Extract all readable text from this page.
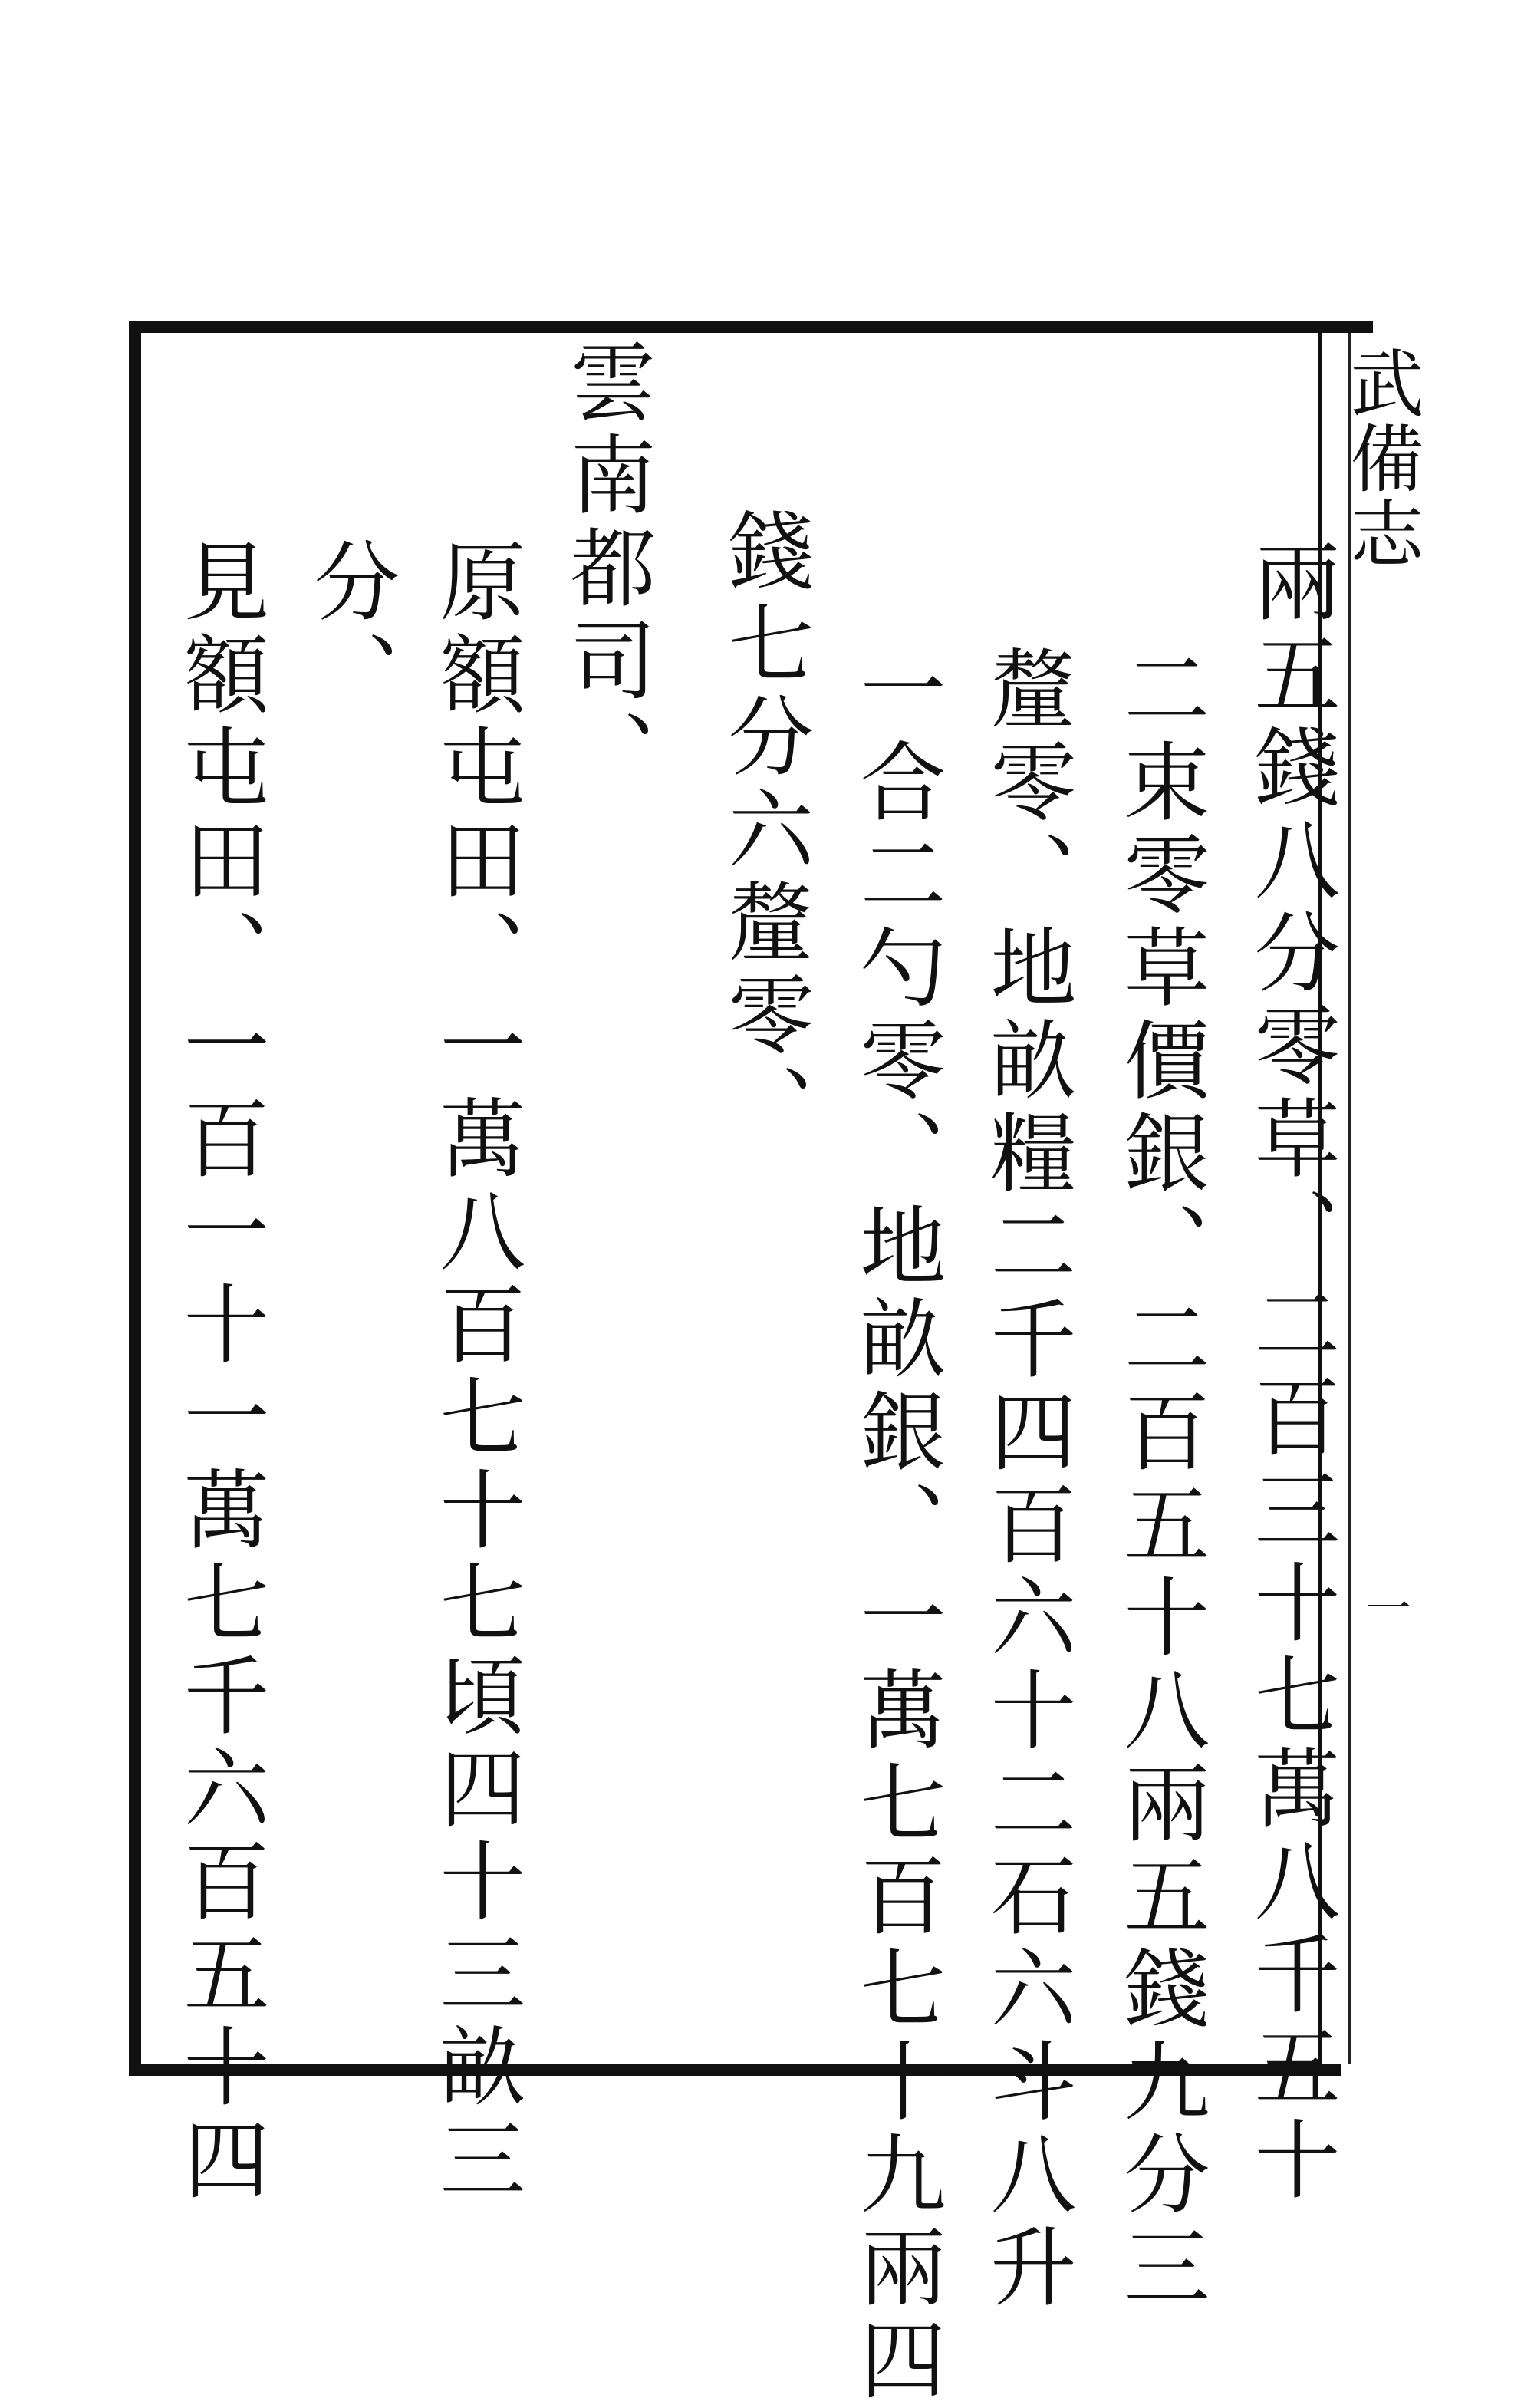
武備志
兩五錢八分零草、二百三十七萬八千五十
二束零草價銀、二百五十八兩五錢九分三
釐零、地畝糧二千四百六十二石六斗八升
一合二勺零、地畝銀、一萬七百七十九兩四
錢七分六釐零、
雲南都司、
原額屯田、一萬八百七十七頃四十三畝三
分、
見額屯田、一百一十一萬七千六百五十四	一
